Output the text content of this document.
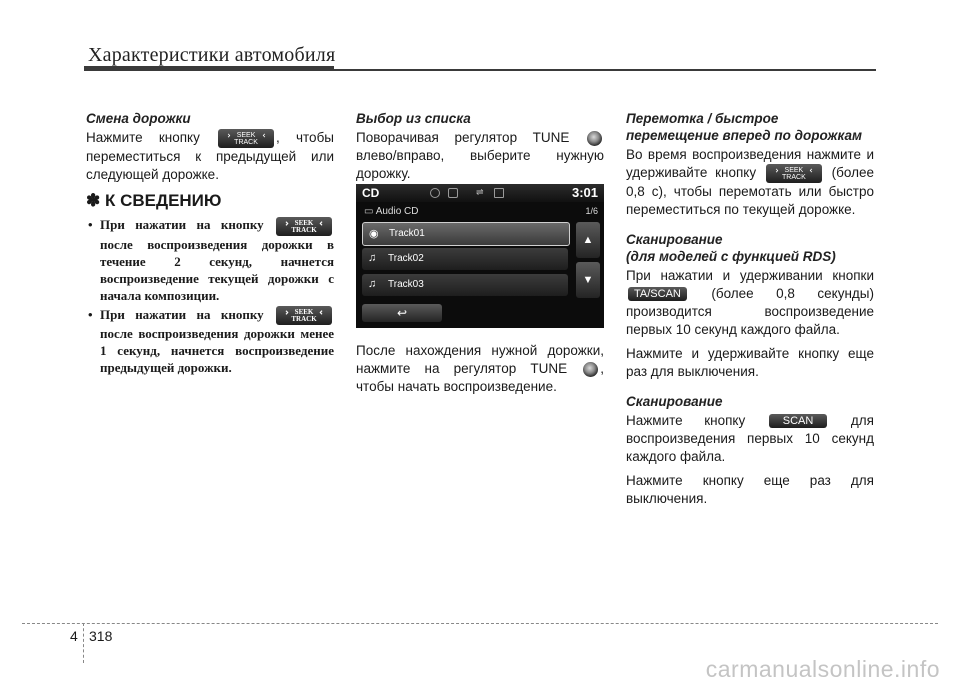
Характеристики автомобиля
Смена дорожки

Нажмите кнопку ⌃ SEEK
TRACK
⌃ , чтобы переместиться к предыдущей или следующей дорожке.

✽ К СВЕДЕНИЮ
• При нажатии на кнопку ⌃ SEEK
TRACK
⌃
после воспроизведения дорожки в течение 2 секунд, начнется воспроизведение текущей дорожки с начала композиции.
• При нажатии на кнопку ⌃ SEEK
TRACK
⌃
после воспроизведения дорожки менее 1 секунд, начнется воспроизведение предыдущей дорожки.
Выбор из списка

Поворачивая регулятор TUNE  влево/вправо, выберите нужную дорожку.

CD	⇌	3:01
▭ Audio CD	1/6
◉ Track01
♫ Track02
♫ Track03
▲
▼
↩

После нахождения нужной дорожки, нажмите на регулятор TUNE , чтобы начать воспроизведение.

Перемотка / быстрое
перемещение вперед по дорожкам

Во время воспроизведения нажмите и удерживайте кнопку ⌃ SEEK
TRACK
⌃ (более 0,8 с), чтобы перемотать или быстро переместиться по текущей дорожке.

Сканирование
(для моделей с функцией RDS)

При нажатии и удерживании кнопки TA/SCAN (более 0,8 секунды) производится воспроизведение первых 10 секунд каждого файла.

Нажмите и удерживайте кнопку еще раз для выключения.

Сканирование

Нажмите кнопку	SCAN	для воспроизведения первых 10 секунд каждого файла.

Нажмите кнопку еще раз для выключения.

4 318
carmanualsonline.info
